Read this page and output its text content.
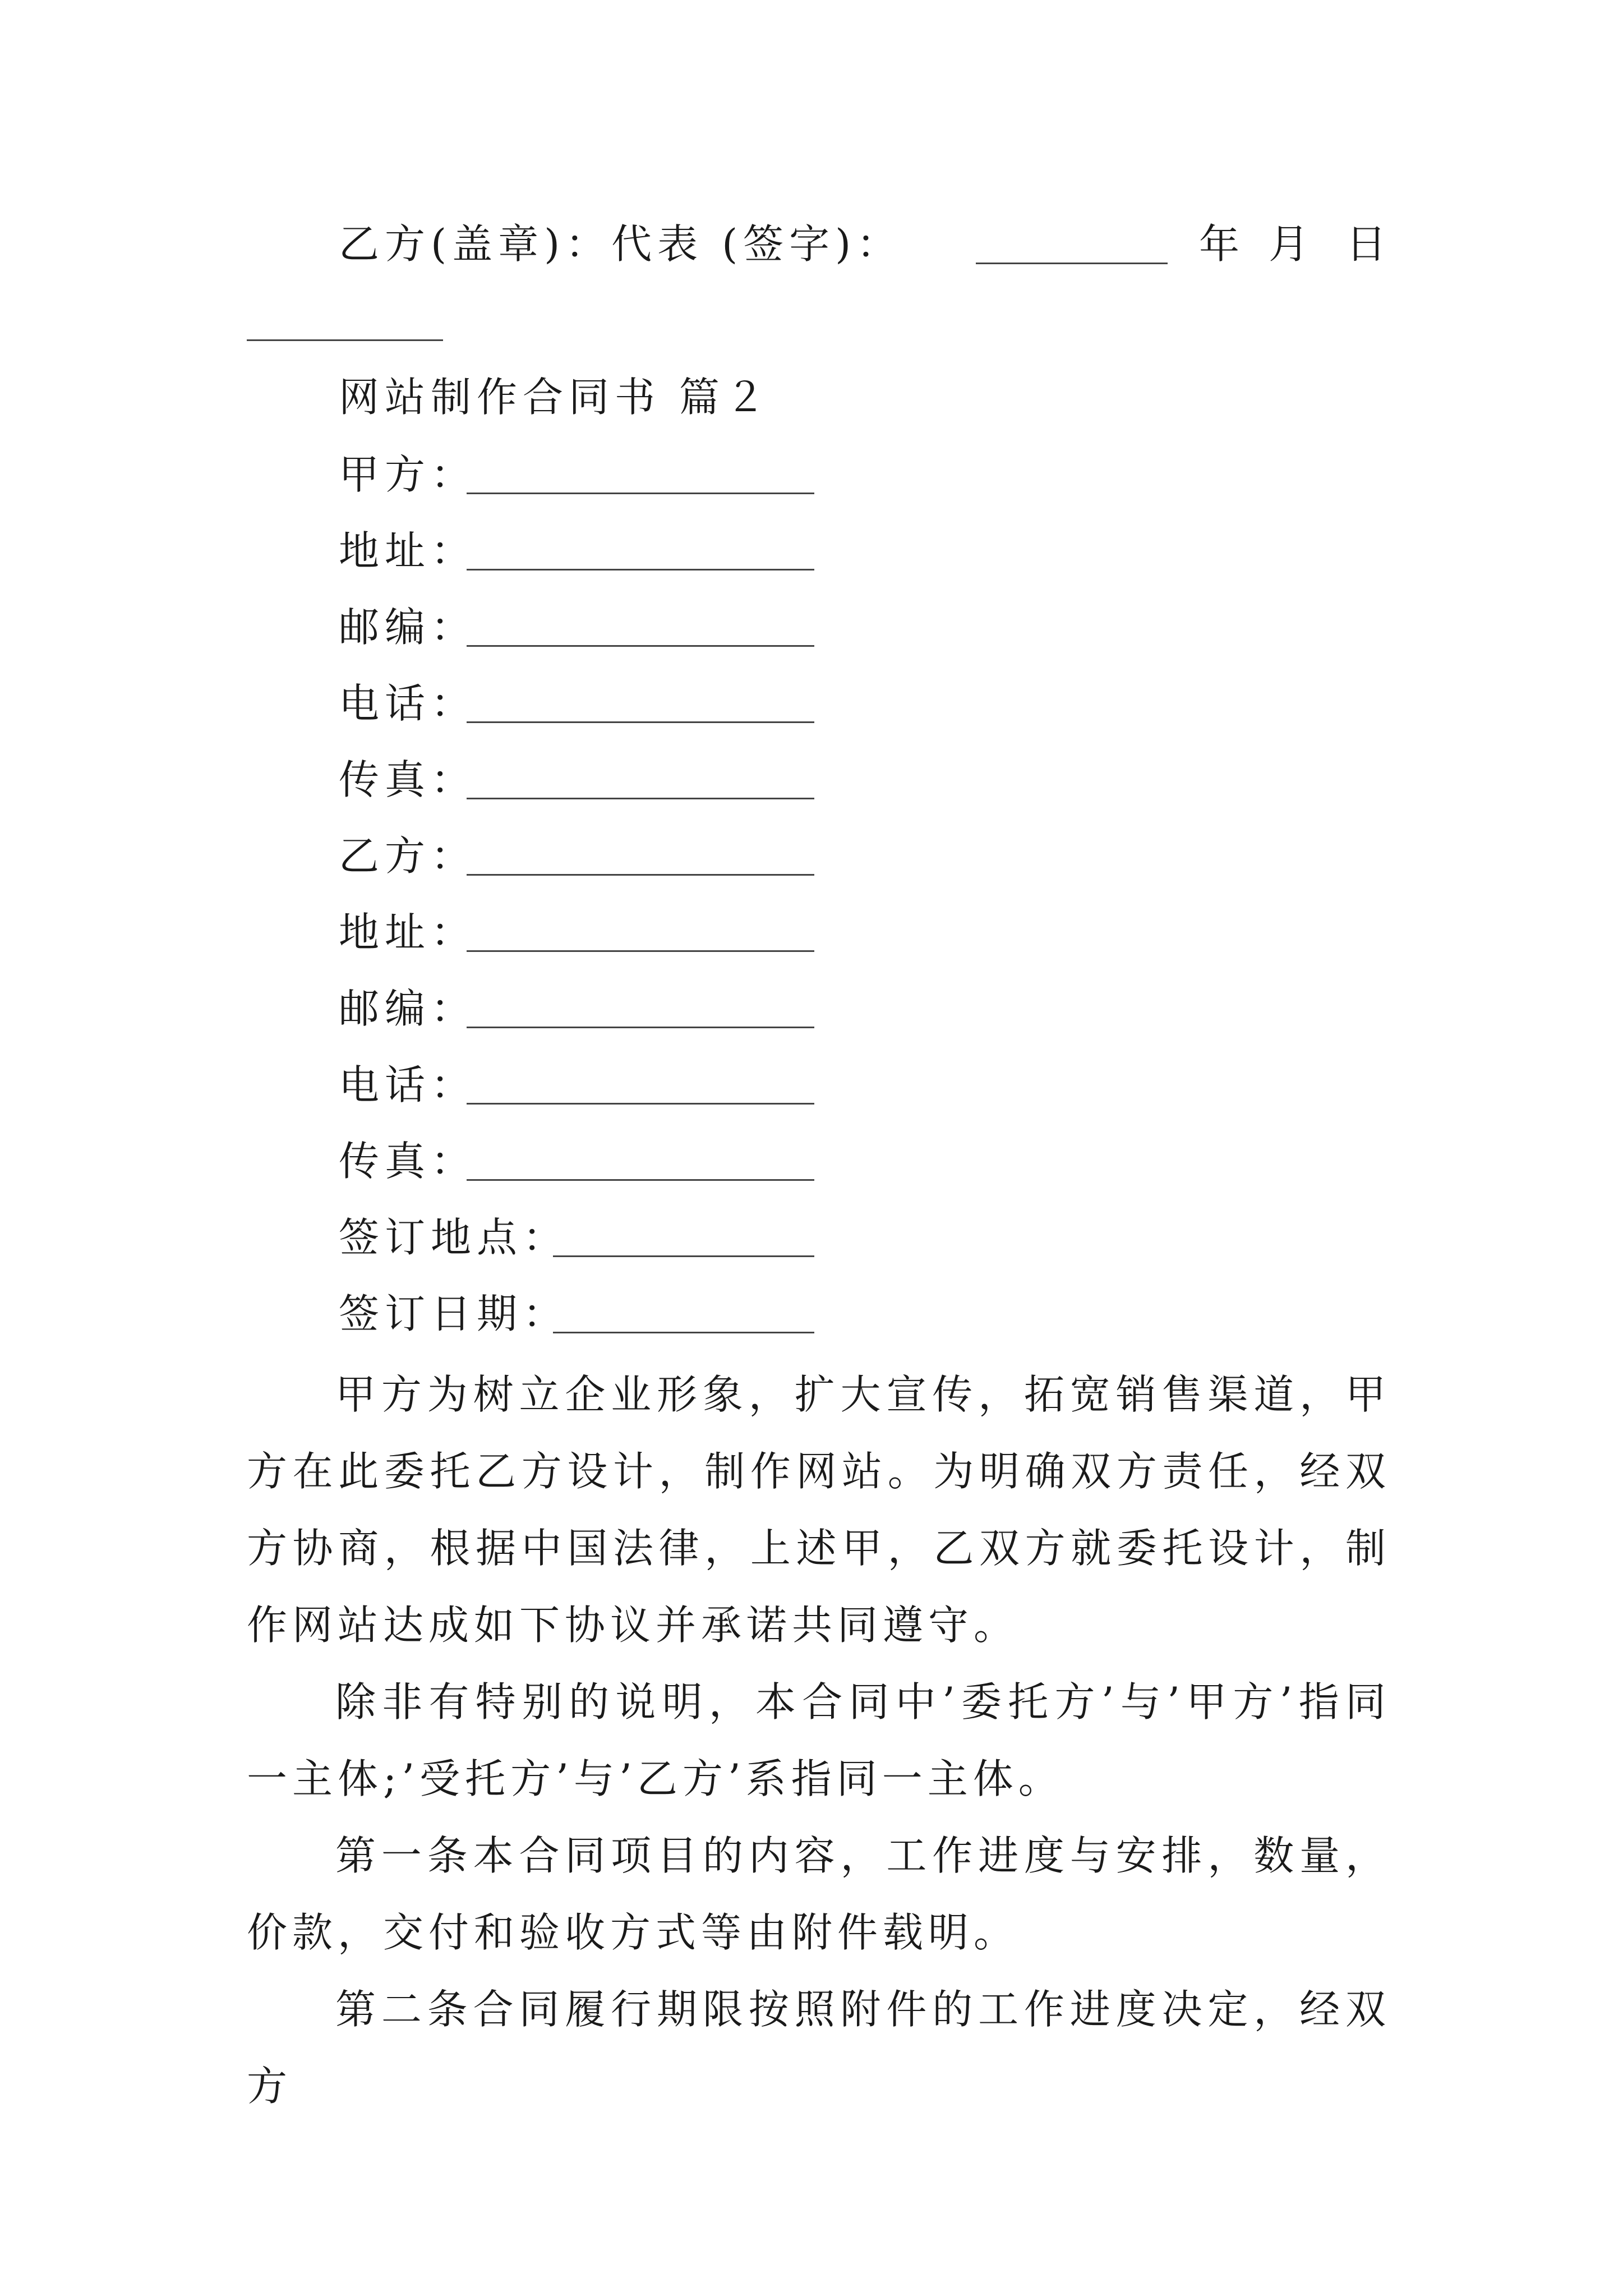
乙方(盖章)：代表 (签字)：	年 月 日
网站制作合同书 篇２
甲方：
地址：
邮编：
电话：
传真：
乙方：
地址：
邮编：
电话：
传真：
签订地点：
签订日期：
甲方为树立企业形象，扩大宣传，拓宽销售渠道，甲方在此委托乙方设计，制作网站。为明确双方责任，经双方协商，根据中国法律，上述甲，乙双方就委托设计，制作网站达成如下协议并承诺共同遵守。
除非有特别的说明，本合同中’委托方’与’甲方’指同一主体;’受托方’与’乙方’系指同一主体。
第一条本合同项目的内容，工作进度与安排，数量，价款，交付和验收方式等由附件载明。
第二条合同履行期限按照附件的工作进度决定，经双方
